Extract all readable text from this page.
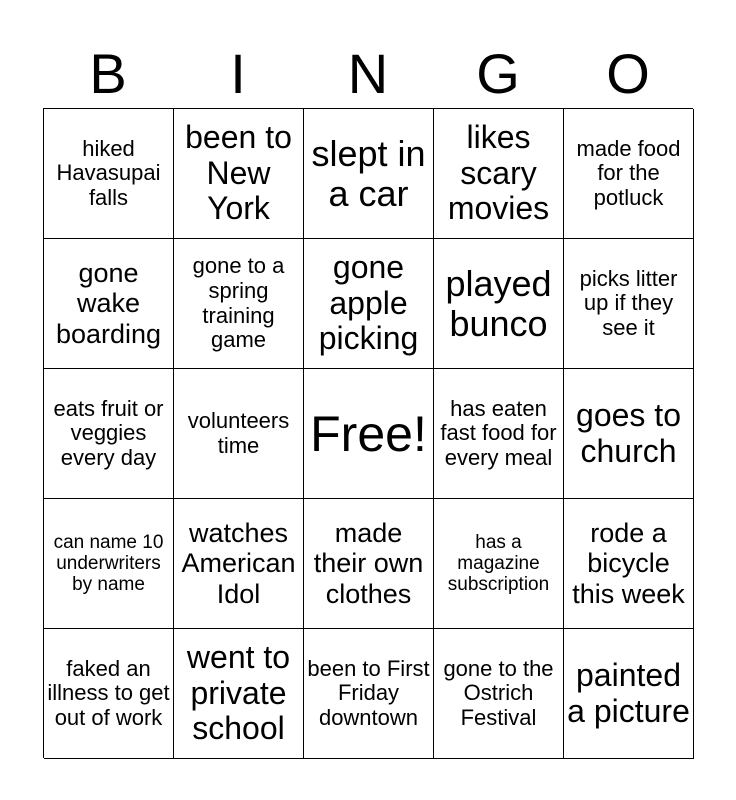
B	I	N	G	O
hiked Havasupai falls
been to New York
slept in a car
likes scary movies
made food for the potluck
gone wake boarding
gone to a spring training game
gone apple picking
played bunco
picks litter up if they see it
eats fruit or veggies every day
volunteers time	Free!	has eaten fast food for every meal
goes to church
can name 10 underwriters by name
watches American Idol
made their own clothes
has a magazine subscription
rode a bicycle this week
faked an illness to get out of work
went to private school
been to First Friday downtown
gone to the Ostrich Festival
painted a picture
